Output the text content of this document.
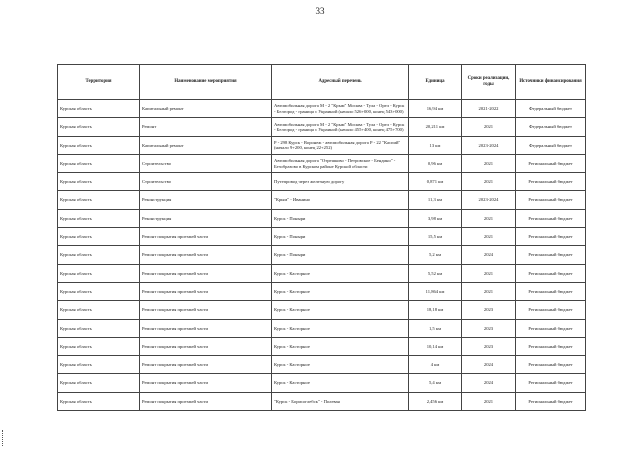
33
Территория	Наименование мероприятия	Адресный перечень	Единица	Сроки реализации, годы	Источники финансирования
Курская область	Капитальный ремонт	Автомобильная дорога М - 2 "Крым" Москва - Тула - Орел - Курск - Белгород - граница с Украиной (начало 526+000, конец 543+000)	16,94 км	2021-2022	Федеральный бюджет
Курская область	Ремонт	Автомобильная дорога М - 2 "Крым" Москва - Тула - Орел - Курск - Белгород - граница с Украиной (начало 455+400, конец 475+700)	20,211 км	2021	Федеральный бюджет
Курская область	Капитальный ремонт	Р - 298 Курск - Воронеж - автомобильная дорога Р - 22 "Каспий" (начало 9+200, конец 22+252)	13 км	2023-2024	Федеральный бюджет
Курская область	Строительство	Автомобильная дорога "Отрешково - Петровское - Бендино" - Безобразово в Курском районе Курской области	0,96 км	2021	Региональный бюджет
Курская область	Строительство	Путепровод через железную дорогу	0,871 км	2021	Региональный бюджет
Курская область	Реконструкция	"Крым" - Иванино	11,3 км	2023-2024	Региональный бюджет
Курская область	Реконструкция	Курск - Поныри	3,98 км	2021	Региональный бюджет
Курская область	Ремонт покрытия проезжей части	Курск - Поныри	15,5 км	2021	Региональный бюджет
Курская область	Ремонт покрытия проезжей части	Курск - Поныри	5,2 км	2024	Региональный бюджет
Курская область	Ремонт покрытия проезжей части	Курск - Касторное	5,52 км	2021	Региональный бюджет
Курская область	Ремонт покрытия проезжей части	Курск - Касторное	11,864 км	2021	Региональный бюджет
Курская область	Ремонт покрытия проезжей части	Курск - Касторное	18,18 км	2023	Региональный бюджет
Курская область	Ремонт покрытия проезжей части	Курск - Касторное	1,5 км	2023	Региональный бюджет
Курская область	Ремонт покрытия проезжей части	Курск - Касторное	10,14 км	2023	Региональный бюджет
Курская область	Ремонт покрытия проезжей части	Курск - Касторное	4 км	2024	Региональный бюджет
Курская область	Ремонт покрытия проезжей части	Курск - Касторное	5,4 км	2024	Региональный бюджет
Курская область	Ремонт покрытия проезжей части	"Курск - Борисоглебск" - Полевая	2,456 км	2021	Региональный бюджет
